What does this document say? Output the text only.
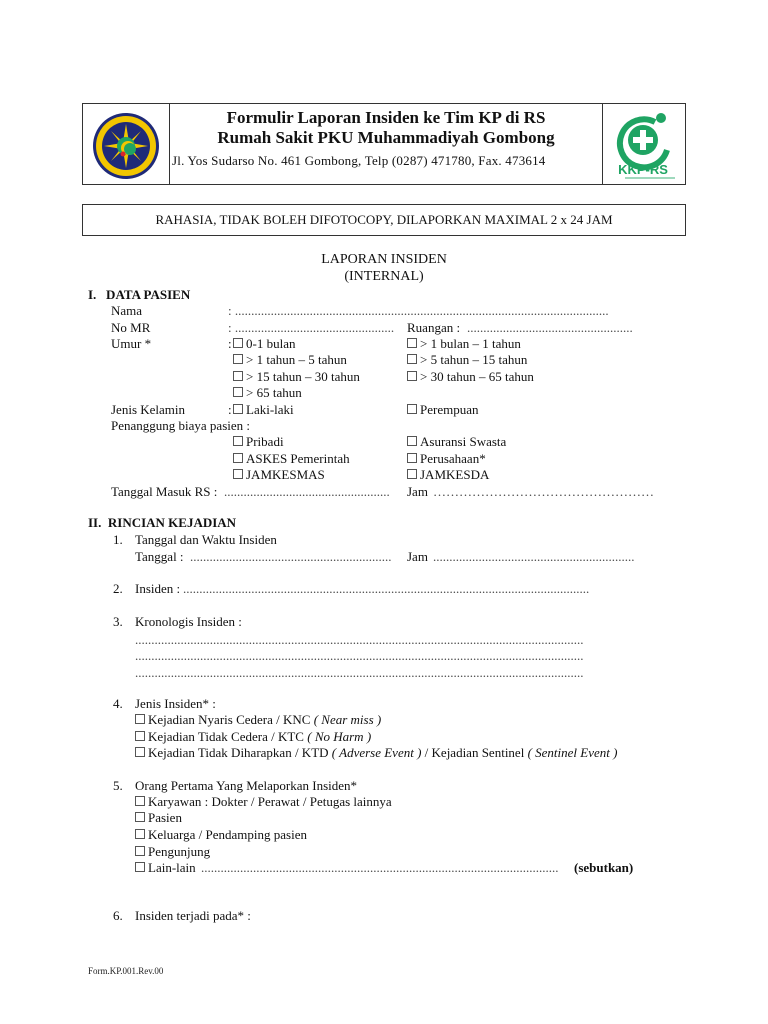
Formulir Laporan Insiden ke Tim KP di RS
Rumah Sakit PKU Muhammadiyah Gombong
Jl. Yos Sudarso No. 461 Gombong, Telp (0287) 471780, Fax. 473614
KKP-RS
RAHASIA, TIDAK BOLEH DIFOTOCOPY, DILAPORKAN MAXIMAL 2 x 24 JAM
LAPORAN INSIDEN
(INTERNAL)
I.   DATA PASIEN
Nama	: ...................................................................................................................
No MR	: ................................................. Ruangan : ...................................................
Umur *	:	0-1 bulan	> 1 bulan – 1 tahun
> 1 tahun – 5 tahun	> 5 tahun – 15 tahun
> 15 tahun – 30 tahun	> 30 tahun – 65 tahun
> 65 tahun
Jenis Kelamin	:	Laki-laki	Perempuan
Penanggung biaya pasien :
Pribadi	Asuransi Swasta
ASKES Pemerintah	Perusahaan*
JAMKESMAS	JAMKESDA
Tanggal Masuk RS : ................................................... Jam ……………………………………………
II.  RINCIAN KEJADIAN
1. Tanggal dan Waktu Insiden
Tanggal : .............................................................. Jam ..............................................................
2. Insiden : .............................................................................................................................
3. Kronologis Insiden :
..........................................................................................................................................
..........................................................................................................................................
..........................................................................................................................................
4. Jenis Insiden* :
Kejadian Nyaris Cedera / KNC ( Near miss )
Kejadian Tidak Cedera / KTC ( No Harm )
Kejadian Tidak Diharapkan / KTD ( Adverse Event ) / Kejadian Sentinel ( Sentinel Event )
5. Orang Pertama Yang Melaporkan Insiden*
Karyawan : Dokter / Perawat / Petugas lainnya
Pasien
Keluarga / Pendamping pasien
Pengunjung
Lain-lain .............................................................................................................. (sebutkan)
6. Insiden terjadi pada* :
Form.KP.001.Rev.00
